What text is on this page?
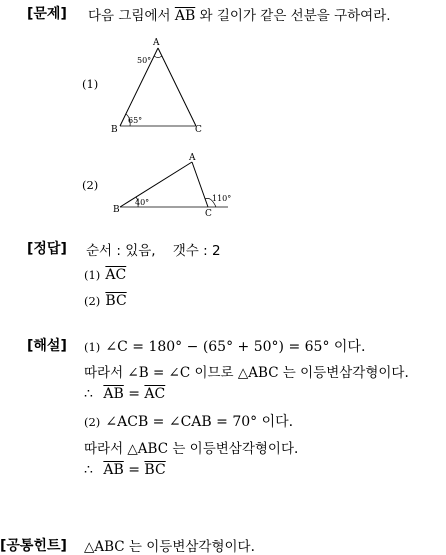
[문제] 다음 그림에서 $\overline{AB}$ 와 길이가 같은 선분을 구하여라.
(1)
A
B	C
50°
65°
(2)
A
B	C
40°	110°
[정답] 순서 : 있음,    갯수 : 2
(1) $\overline{AC}$
(2) $\overline{BC}$
[해설] (1) ∠C = 180° − (65° + 50°) = 65° 이다.
따라서 ∠B = ∠C 이므로 △ABC 는 이등변삼각형이다.
∴ $\overline{AB} = \overline{AC}$
(2) ∠ACB = ∠CAB = 70° 이다.
따라서 △ABC 는 이등변삼각형이다.
∴ $\overline{AB} = \overline{BC}$
[공통힌트] △ABC 는 이등변삼각형이다.
